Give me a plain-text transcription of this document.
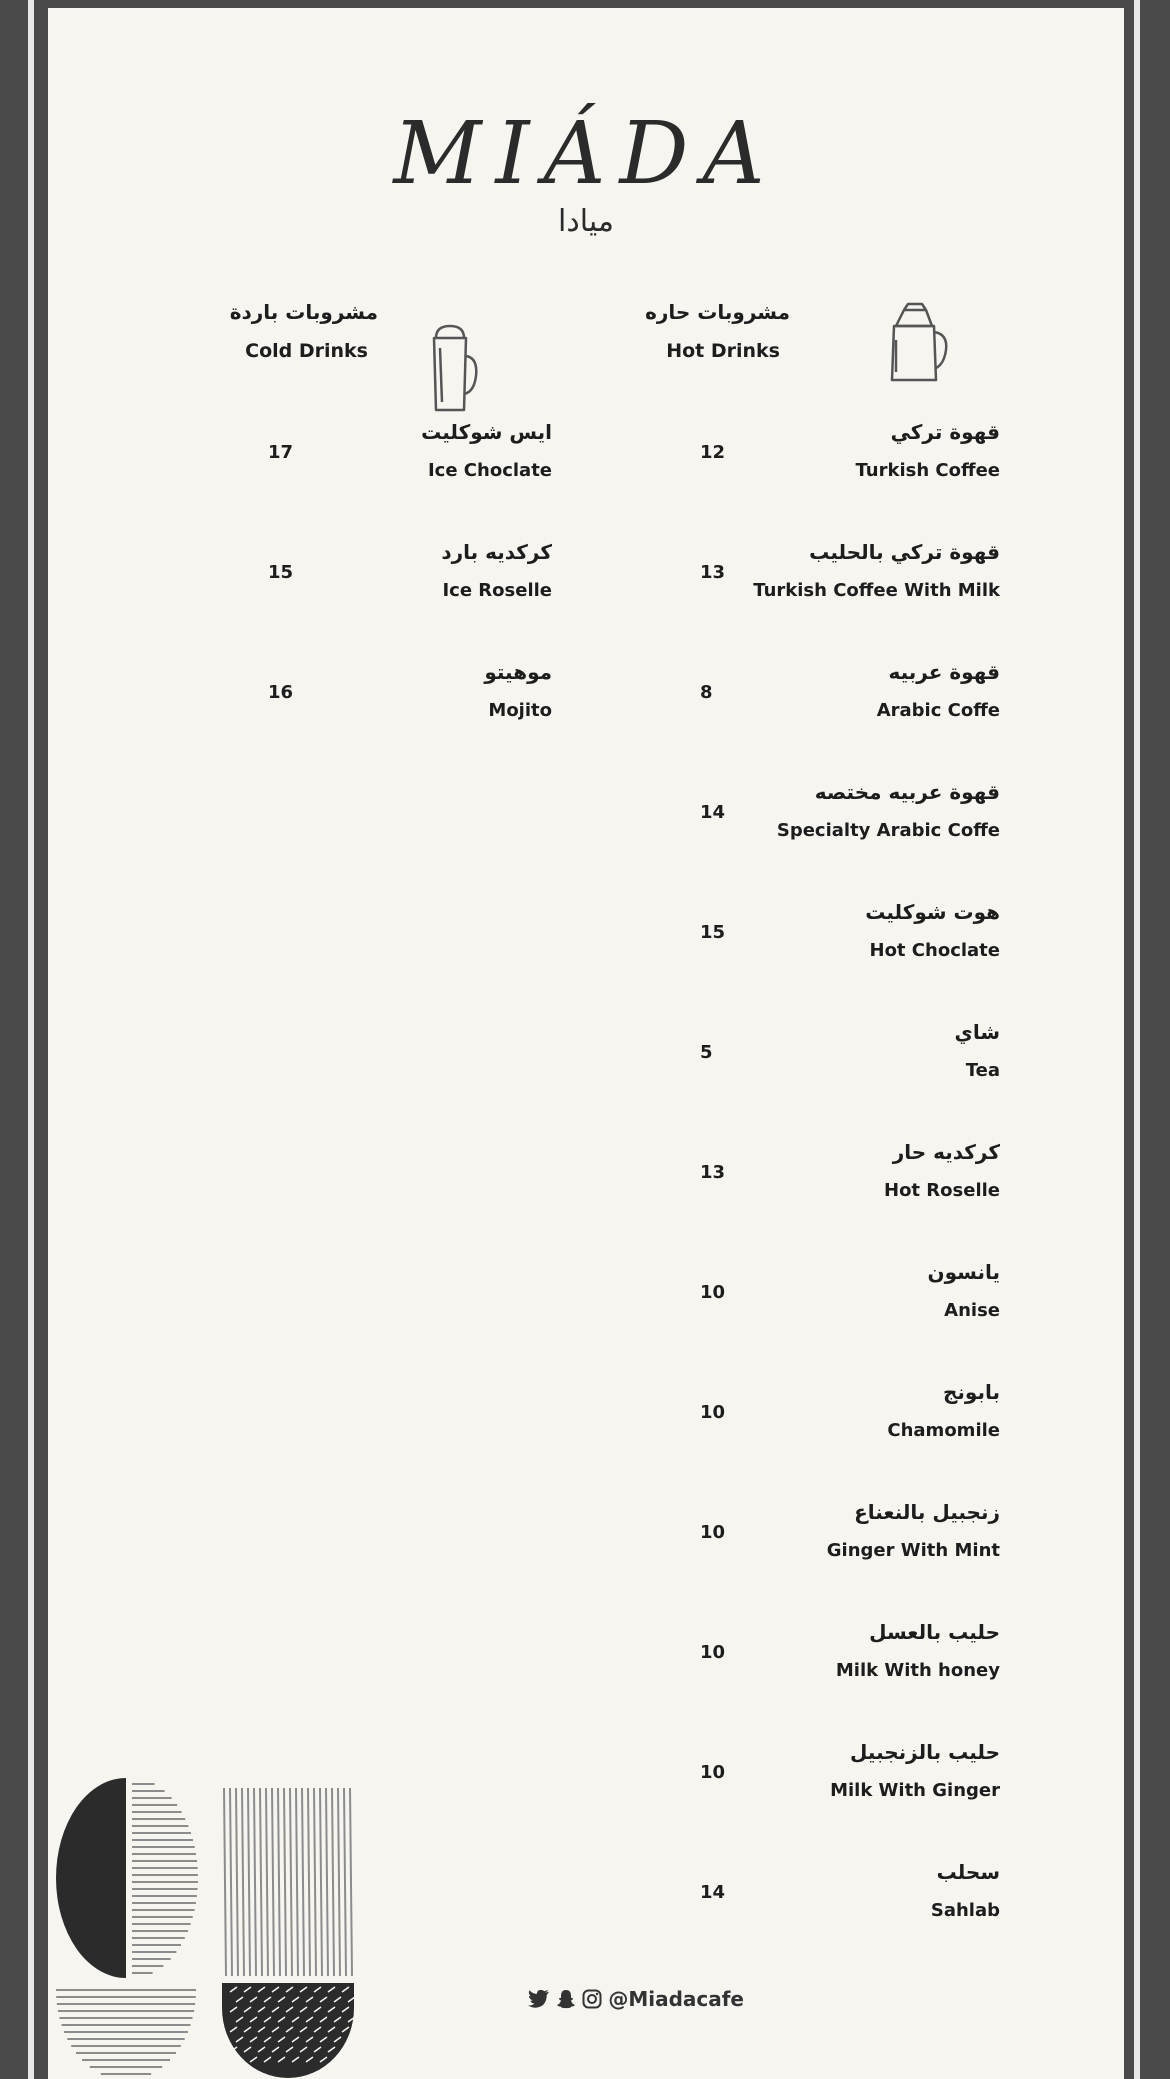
MIÁDA
ميادا
مشروبات حاره
Hot Drinks
مشروبات باردة
Cold Drinks
قهوة تركي
Turkish Coffee
12
قهوة تركي بالحليب
Turkish Coffee With Milk
13
قهوة عربيه
Arabic Coffe
8
قهوة عربيه مختصه
Specialty Arabic Coffe
14
هوت شوكليت
Hot Choclate
15
شاي
Tea
5
كركديه حار
Hot Roselle
13
يانسون
Anise
10
بابونج
Chamomile
10
زنجبيل بالنعناع
Ginger With Mint
10
حليب بالعسل
Milk With honey
10
حليب بالزنجبيل
Milk With Ginger
10
سحلب
Sahlab
14
ايس شوكليت
Ice Choclate
17
كركديه بارد
Ice Roselle
15
موهيتو
Mojito
16
@Miadacafe
